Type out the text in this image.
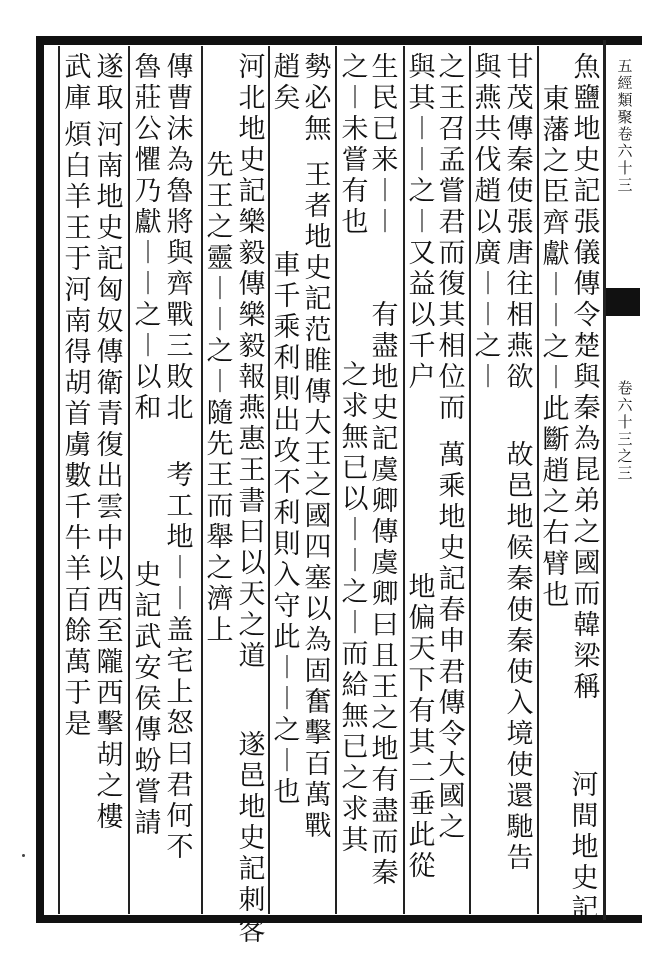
五經類聚卷六十三
卷六十三之三
魚鹽地史記張儀傳令楚與秦為昆弟之國而韓梁稱
東藩之臣齊獻︱︱之︱此斷趙之右臂也
甘茂傳秦使張唐往相燕欲
與燕共伐趙以廣︱︱之︱
故邑地候秦使秦使入境使還馳告
河間地史記
之王召孟嘗君而復其相位而
與其︱︱之︱又益以千户
萬乘地史記春申君傳令大國之
地偏天下有其二垂此從
生民已来︱︱
之︱未嘗有也
有盡地史記虞卿傳虞卿曰且王之地有盡而秦
之求無已以︱︱之︱而給無已之求其
勢必無
趙矣
王者地史記范睢傳大王之國四塞以為固奮擊百萬戰
車千乘利則出攻不利則入守此︱︱之︱也
河北地史記樂毅傳樂毅報燕惠王書曰以天之道
先王之靈︱︱之︱隨先王而舉之濟上
遂邑地史記刺客
傳曹沫為魯將與齊戰三敗北
魯莊公懼乃獻︱︱之︱以和
考工地︱︱盖宅上怒曰君何不
史記武安侯傳蚡嘗請
遂取
武庫
河南地史記匈奴傳衛青復出雲中以西至隴西擊胡之樓
煩白羊王于河南得胡首虜數千牛羊百餘萬于是
